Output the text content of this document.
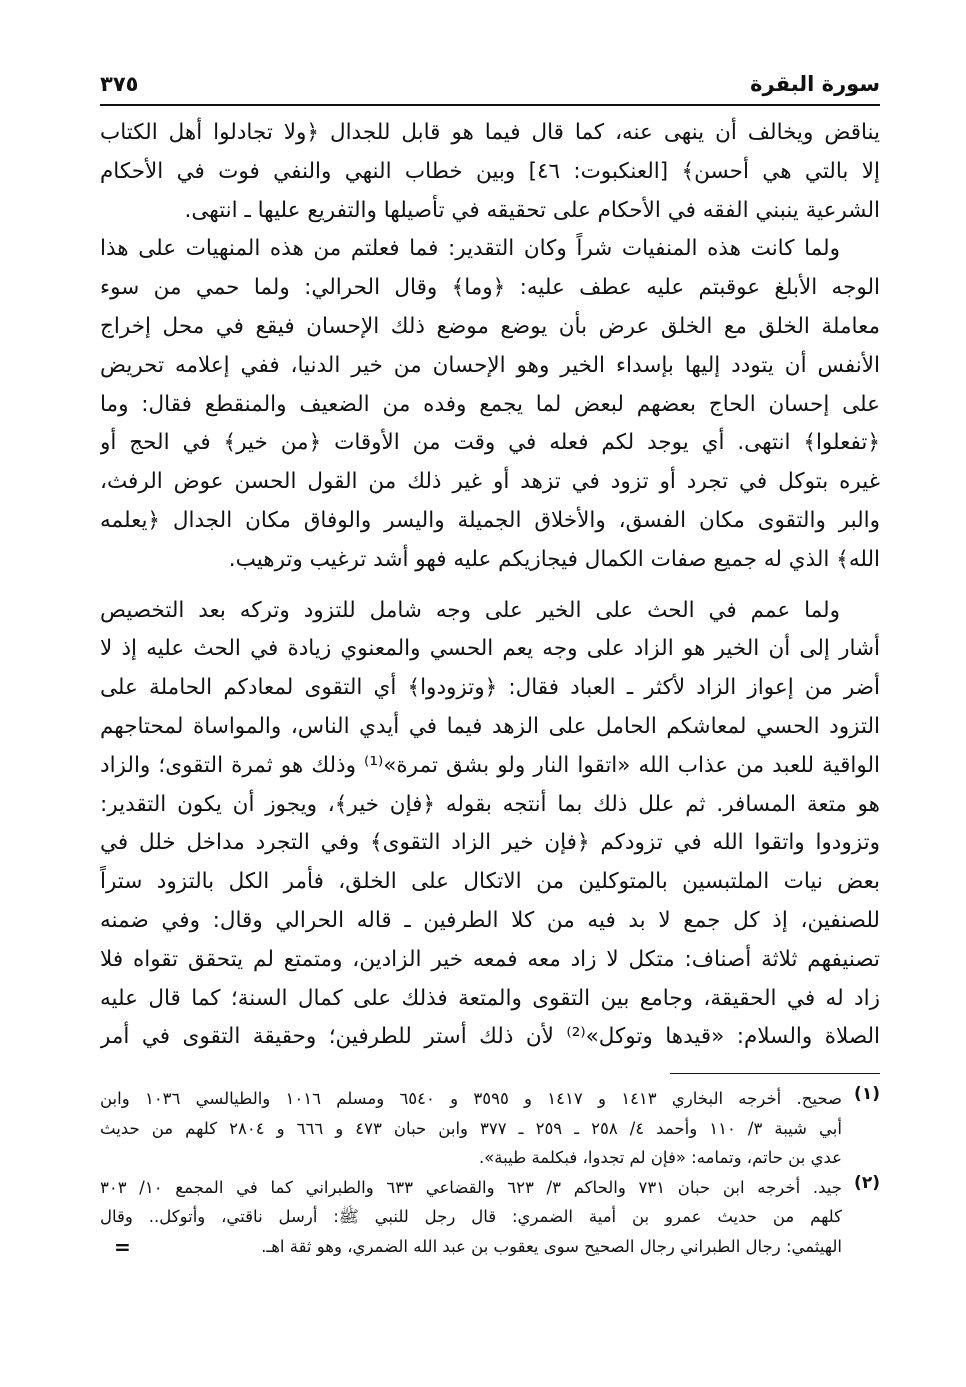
سورة البقرة
٣٧٥
يناقض ويخالف أن ينهى عنه، كما قال فيما هو قابل للجدال ﴿ولا تجادلوا أهل الكتاب
إلا بالتي هي أحسن﴾ [العنكبوت: ٤٦] وبين خطاب النهي والنفي فوت في الأحكام
الشرعية ينبني الفقه في الأحكام على تحقيقه في تأصيلها والتفريع عليها ـ انتهى.
ولما كانت هذه المنفيات شراً وكان التقدير: فما فعلتم من هذه المنهيات على هذا
الوجه الأبلغ عوقبتم عليه عطف عليه: ﴿وما﴾ وقال الحرالي: ولما حمي من سوء
معاملة الخلق مع الخلق عرض بأن يوضع موضع ذلك الإحسان فيقع في محل إخراج
الأنفس أن يتودد إليها بإسداء الخير وهو الإحسان من خير الدنيا، ففي إعلامه تحريض
على إحسان الحاج بعضهم لبعض لما يجمع وفده من الضعيف والمنقطع فقال: وما
﴿تفعلوا﴾ انتهى. أي يوجد لكم فعله في وقت من الأوقات ﴿من خير﴾ في الحج أو
غيره بتوكل في تجرد أو تزود في تزهد أو غير ذلك من القول الحسن عوض الرفث،
والبر والتقوى مكان الفسق، والأخلاق الجميلة واليسر والوفاق مكان الجدال ﴿يعلمه
الله﴾ الذي له جميع صفات الكمال فيجازيكم عليه فهو أشد ترغيب وترهيب.
ولما عمم في الحث على الخير على وجه شامل للتزود وتركه بعد التخصيص
أشار إلى أن الخير هو الزاد على وجه يعم الحسي والمعنوي زيادة في الحث عليه إذ لا
أضر من إعواز الزاد لأكثر ـ العباد فقال: ﴿وتزودوا﴾ أي التقوى لمعادكم الحاملة على
التزود الحسي لمعاشكم الحامل على الزهد فيما في أيدي الناس، والمواساة لمحتاجهم
الواقية للعبد من عذاب الله «اتقوا النار ولو بشق تمرة»⁽¹⁾ وذلك هو ثمرة التقوى؛ والزاد
هو متعة المسافر. ثم علل ذلك بما أنتجه بقوله ﴿فإن خير﴾، ويجوز أن يكون التقدير:
وتزودوا واتقوا الله في تزودكم ﴿فإن خير الزاد التقوى﴾ وفي التجرد مداخل خلل في
بعض نيات الملتبسين بالمتوكلين من الاتكال على الخلق، فأمر الكل بالتزود ستراً
للصنفين، إذ كل جمع لا بد فيه من كلا الطرفين ـ قاله الحرالي وقال: وفي ضمنه
تصنيفهم ثلاثة أصناف: متكل لا زاد معه فمعه خير الزادين، ومتمتع لم يتحقق تقواه فلا
زاد له في الحقيقة، وجامع بين التقوى والمتعة فذلك على كمال السنة؛ كما قال عليه
الصلاة والسلام: «قيدها وتوكل»⁽²⁾ لأن ذلك أستر للطرفين؛ وحقيقة التقوى في أمر
(١)
صحيح. أخرجه البخاري ١٤١٣ و ١٤١٧ و ٣٥٩٥ و ٦٥٤٠ ومسلم ١٠١٦ والطيالسي ١٠٣٦ وابن
أبي شيبة ٣/ ١١٠ وأحمد ٤/ ٢٥٨ ـ ٢٥٩ ـ ٣٧٧ وابن حبان ٤٧٣ و ٦٦٦ و ٢٨٠٤ كلهم من حديث
عدي بن حاتم، وتمامه: «فإن لم تجدوا، فبكلمة طيبة».
(٢)
جيد. أخرجه ابن حبان ٧٣١ والحاكم ٣/ ٦٢٣ والقضاعي ٦٣٣ والطبراني كما في المجمع ١٠/ ٣٠٣
كلهم من حديث عمرو بن أمية الضمري: قال رجل للنبي ﷺ: أرسل ناقتي، وأتوكل.. وقال
الهيثمي: رجال الطبراني رجال الصحيح سوى يعقوب بن عبد الله الضمري، وهو ثقة اهـ.
=
